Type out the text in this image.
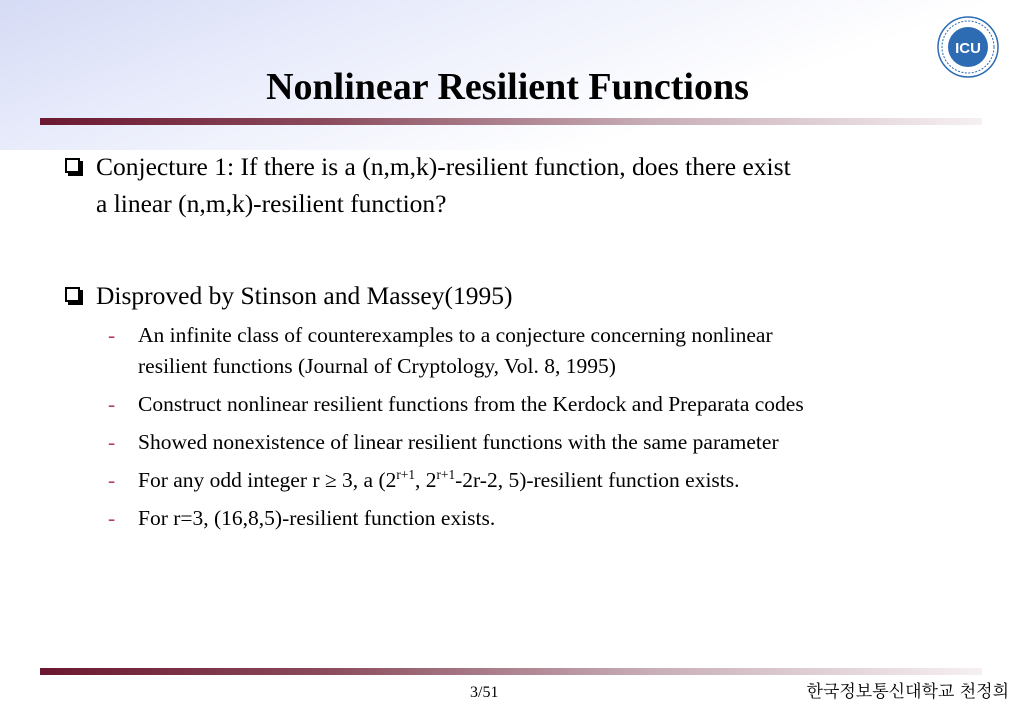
Nonlinear Resilient Functions
ICU
Conjecture 1: If there is a (n,m,k)-resilient function, does there exist
a linear (n,m,k)-resilient function?
Disproved by Stinson and Massey(1995)
- An infinite class of counterexamples to a conjecture concerning nonlinear
resilient functions (Journal of Cryptology, Vol. 8, 1995)
- Construct nonlinear resilient functions from the Kerdock and Preparata codes
- Showed nonexistence of linear resilient functions with the same parameter
- For any odd integer r ≥ 3, a ($2^{r+1}$, $2^{r+1}-2r-2$, 5)-resilient function exists.
- For r=3, (16,8,5)-resilient function exists.
3/51	한국정보통신대학교 천정희
